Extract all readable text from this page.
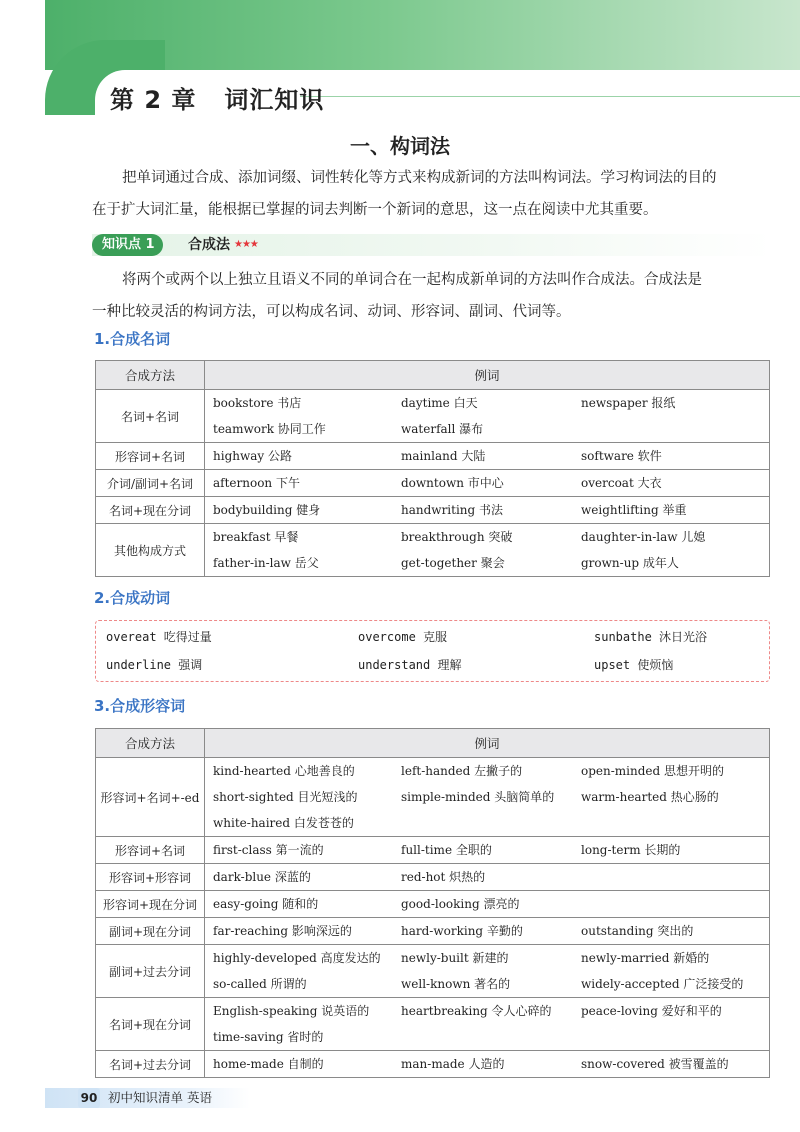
第 2 章 词汇知识
一、构词法
把单词通过合成、添加词缀、词性转化等方式来构成新词的方法叫构词法。学习构词法的目的
在于扩大词汇量，能根据已掌握的词去判断一个新词的意思，这一点在阅读中尤其重要。
知识点 1	合成法 ★★★
将两个或两个以上独立且语义不同的单词合在一起构成新单词的方法叫作合成法。合成法是
一种比较灵活的构词方法，可以构成名词、动词、形容词、副词、代词等。
1.合成名词
合成方法	例词
名词+名词	bookstore 书店 daytime 白天 newspaper 报纸
teamwork 协同工作 waterfall 瀑布

形容词+名词	highway 公路 mainland 大陆 software 软件

介词/副词+名词	afternoon 下午 downtown 市中心 overcoat 大衣

名词+现在分词	bodybuilding 健身 handwriting 书法 weightlifting 举重

其他构成方式	breakfast 早餐 breakthrough 突破 daughter-in-law 儿媳
father-in-law 岳父 get-together 聚会 grown-up 成年人
2.合成动词
overeat 吃得过量	overcome 克服	sunbathe 沐日光浴
underline 强调	understand 理解	upset 使烦恼
3.合成形容词
合成方法	例词
形容词+名词+-ed	kind-hearted 心地善良的 left-handed 左撇子的 open-minded 思想开明的
short-sighted 目光短浅的 simple-minded 头脑简单的 warm-hearted 热心肠的
white-haired 白发苍苍的

形容词+名词	first-class 第一流的 full-time 全职的 long-term 长期的

形容词+形容词	dark-blue 深蓝的 red-hot 炽热的

形容词+现在分词	easy-going 随和的 good-looking 漂亮的

副词+现在分词	far-reaching 影响深远的 hard-working 辛勤的 outstanding 突出的

副词+过去分词	highly-developed 高度发达的 newly-built 新建的 newly-married 新婚的
so-called 所谓的 well-known 著名的 widely-accepted 广泛接受的

名词+现在分词	English-speaking 说英语的 heartbreaking 令人心碎的 peace-loving 爱好和平的
time-saving 省时的

名词+过去分词	home-made 自制的 man-made 人造的 snow-covered 被雪覆盖的
90 初中知识清单 英语
